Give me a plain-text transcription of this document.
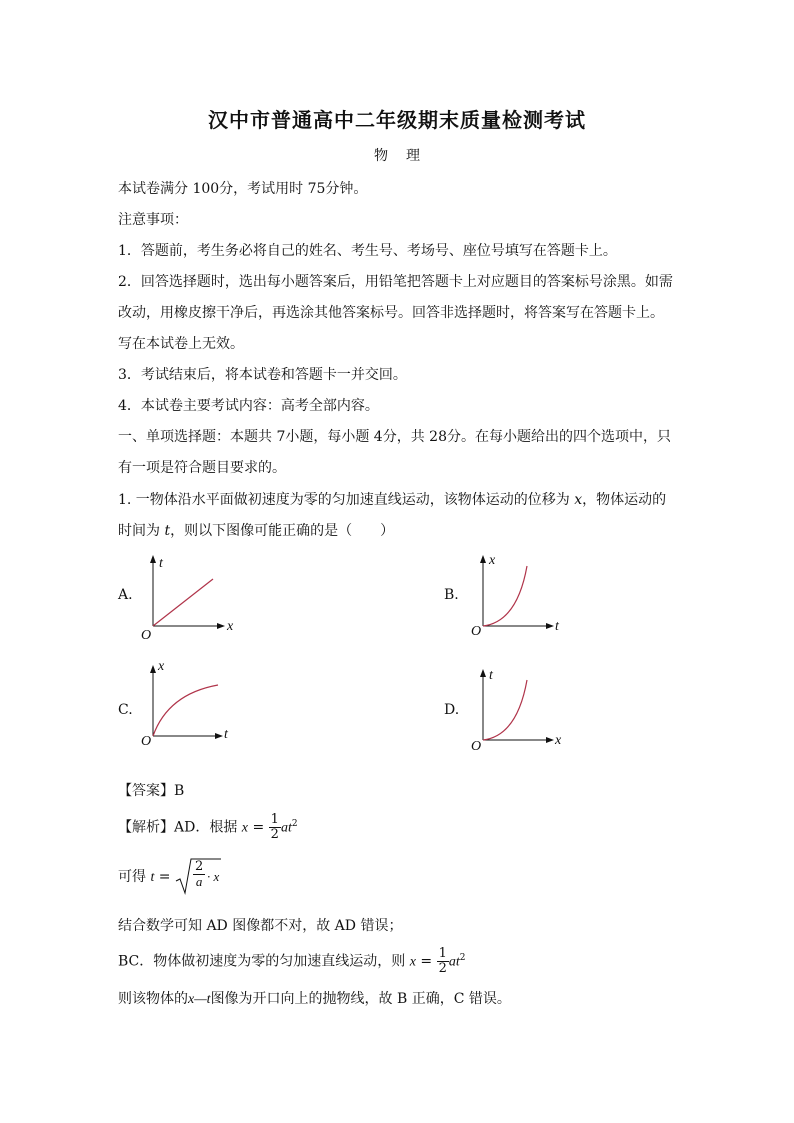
汉中市普通高中二年级期末质量检测考试
物理
本试卷满分 100分，考试用时 75分钟。
注意事项：
1．答题前，考生务必将自己的姓名、考生号、考场号、座位号填写在答题卡上。
2．回答选择题时，选出每小题答案后，用铅笔把答题卡上对应题目的答案标号涂黑。如需
改动，用橡皮擦干净后，再选涂其他答案标号。回答非选择题时，将答案写在答题卡上。
写在本试卷上无效。
3．考试结束后，将本试卷和答题卡一并交回。
4．本试卷主要考试内容：高考全部内容。
一、单项选择题：本题共 7小题，每小题 4分，共 28分。在每小题给出的四个选项中，只
有一项是符合题目要求的。
1. 一物体沿水平面做初速度为零的匀加速直线运动，该物体运动的位移为 x，物体运动的
时间为 t，则以下图像可能正确的是（　　）
A.
t
x
O
B.
x
t
O
C.
x
t
O
D.
t
x
O
【答案】B
【解析】AD．根据 $x = \frac{1}{2} at^2$
可得 $t = \frac{2}{a} \cdot x$
结合数学可知 AD 图像都不对，故 AD 错误；
BC．物体做初速度为零的匀加速直线运动，则 $x = \frac{1}{2} at^2$
则该物体的x—t图像为开口向上的抛物线，故 B 正确，C 错误。
